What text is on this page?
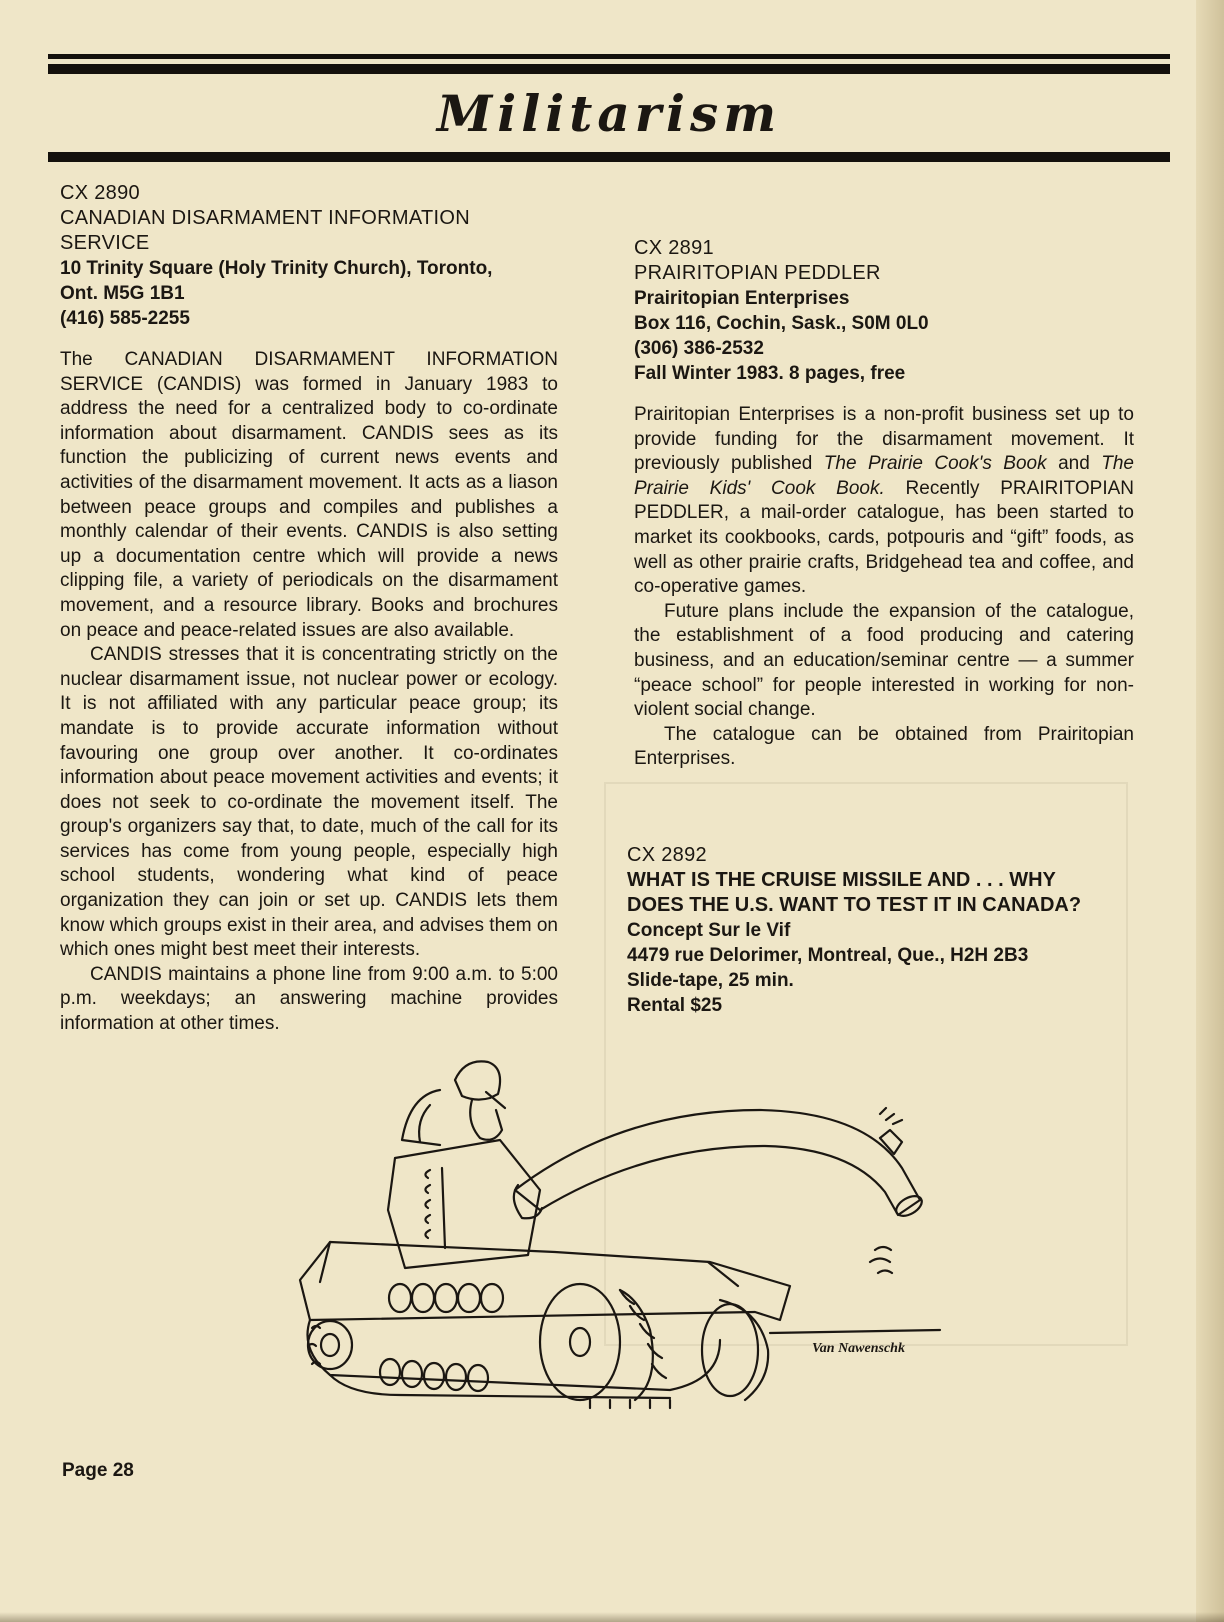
Militarism
CX 2890
CANADIAN DISARMAMENT INFORMATION
SERVICE
10 Trinity Square (Holy Trinity Church), Toronto,
Ont. M5G 1B1
(416) 585-2255

The CANADIAN DISARMAMENT INFORMATION SERVICE (CANDIS) was formed in January 1983 to address the need for a centralized body to co-ordinate information about disarmament. CANDIS sees as its function the publicizing of current news events and activities of the disarmament movement. It acts as a liason between peace groups and compiles and publishes a monthly calendar of their events. CANDIS is also setting up a documentation centre which will provide a news clipping file, a variety of periodicals on the disarmament movement, and a resource library. Books and brochures on peace and peace-related issues are also available.

CANDIS stresses that it is concentrating strictly on the nuclear disarmament issue, not nuclear power or ecology. It is not affiliated with any particular peace group; its mandate is to provide accurate information without favouring one group over another. It co-ordinates information about peace movement activities and events; it does not seek to co-ordinate the movement itself. The group's organizers say that, to date, much of the call for its services has come from young people, especially high school students, wondering what kind of peace organization they can join or set up. CANDIS lets them know which groups exist in their area, and advises them on which ones might best meet their interests.

CANDIS maintains a phone line from 9:00 a.m. to 5:00 p.m. weekdays; an answering machine provides information at other times.

CX 2891
PRAIRITOPIAN PEDDLER
Prairitopian Enterprises
Box 116, Cochin, Sask., S0M 0L0
(306) 386-2532
Fall Winter 1983. 8 pages, free

Prairitopian Enterprises is a non-profit business set up to provide funding for the disarmament movement. It previously published The Prairie Cook's Book and The Prairie Kids' Cook Book. Recently PRAIRITOPIAN PEDDLER, a mail-order catalogue, has been started to market its cookbooks, cards, potpouris and “gift” foods, as well as other prairie crafts, Bridgehead tea and coffee, and co-operative games.

Future plans include the expansion of the catalogue, the establishment of a food producing and catering business, and an education/seminar centre — a summer “peace school” for people interested in working for non-violent social change.

The catalogue can be obtained from Prairitopian Enterprises.

CX 2892
WHAT IS THE CRUISE MISSILE AND . . . WHY
DOES THE U.S. WANT TO TEST IT IN CANADA?
Concept Sur le Vif
4479 rue Delorimer, Montreal, Que., H2H 2B3
Slide-tape, 25 min.
Rental $25
Van Nawenschk
Page 28
